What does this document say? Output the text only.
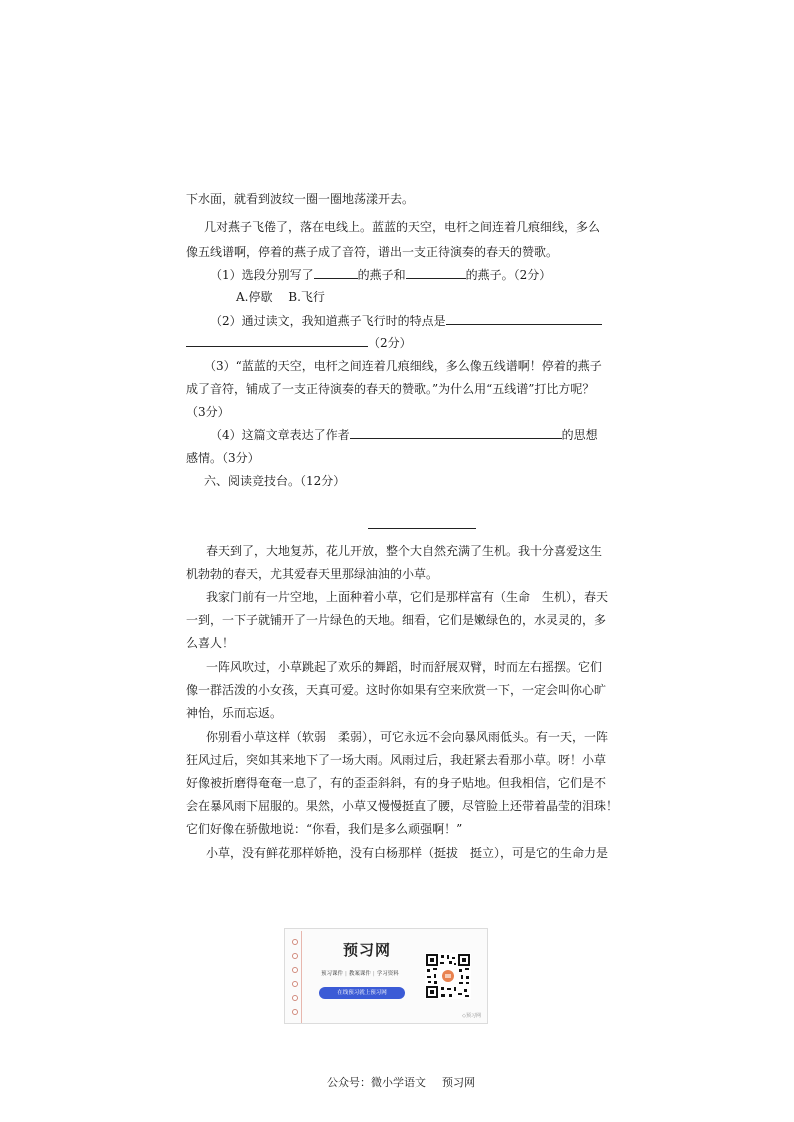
下水面，就看到波纹一圈一圈地荡漾开去。
几对燕子飞倦了，落在电线上。蓝蓝的天空，电杆之间连着几痕细线，多么
像五线谱啊，停着的燕子成了音符，谱出一支正待演奏的春天的赞歌。
（1）选段分别写了	的燕子和	的燕子。（2分）
A.停歇　 B.飞行
（2）通过读文，我知道燕子飞行时的特点是
（2分）
（3）“蓝蓝的天空，电杆之间连着几痕细线，多么像五线谱啊！停着的燕子
成了音符，铺成了一支正待演奏的春天的赞歌。”为什么用“五线谱”打比方呢？
（3分）
（4）这篇文章表达了作者	的思想
感情。（3分）
六、阅读竞技台。（12分）
春天到了，大地复苏，花儿开放，整个大自然充满了生机。我十分喜爱这生
机勃勃的春天，尤其爱春天里那绿油油的小草。
我家门前有一片空地，上面种着小草，它们是那样富有（生命　生机），春天
一到，一下子就铺开了一片绿色的天地。细看，它们是嫩绿色的，水灵灵的，多
么喜人！
一阵风吹过，小草跳起了欢乐的舞蹈，时而舒展双臂，时而左右摇摆。它们
像一群活泼的小女孩，天真可爱。这时你如果有空来欣赏一下，一定会叫你心旷
神怡，乐而忘返。
你别看小草这样（软弱　柔弱），可它永远不会向暴风雨低头。有一天，一阵
狂风过后，突如其来地下了一场大雨。风雨过后，我赶紧去看那小草。呀！小草
好像被折磨得奄奄一息了，有的歪歪斜斜，有的身子贴地。但我相信，它们是不
会在暴风雨下屈服的。果然，小草又慢慢挺直了腰，尽管脸上还带着晶莹的泪珠！
它们好像在骄傲地说：“你看，我们是多么顽强啊！”
小草，没有鲜花那样娇艳，没有白杨那样（挺拔　挺立），可是它的生命力是
预习网
预习课件 | 教案课件 | 学习资料
在线预习就上预习网
◇预习网
公众号：微小学语文 预习网
